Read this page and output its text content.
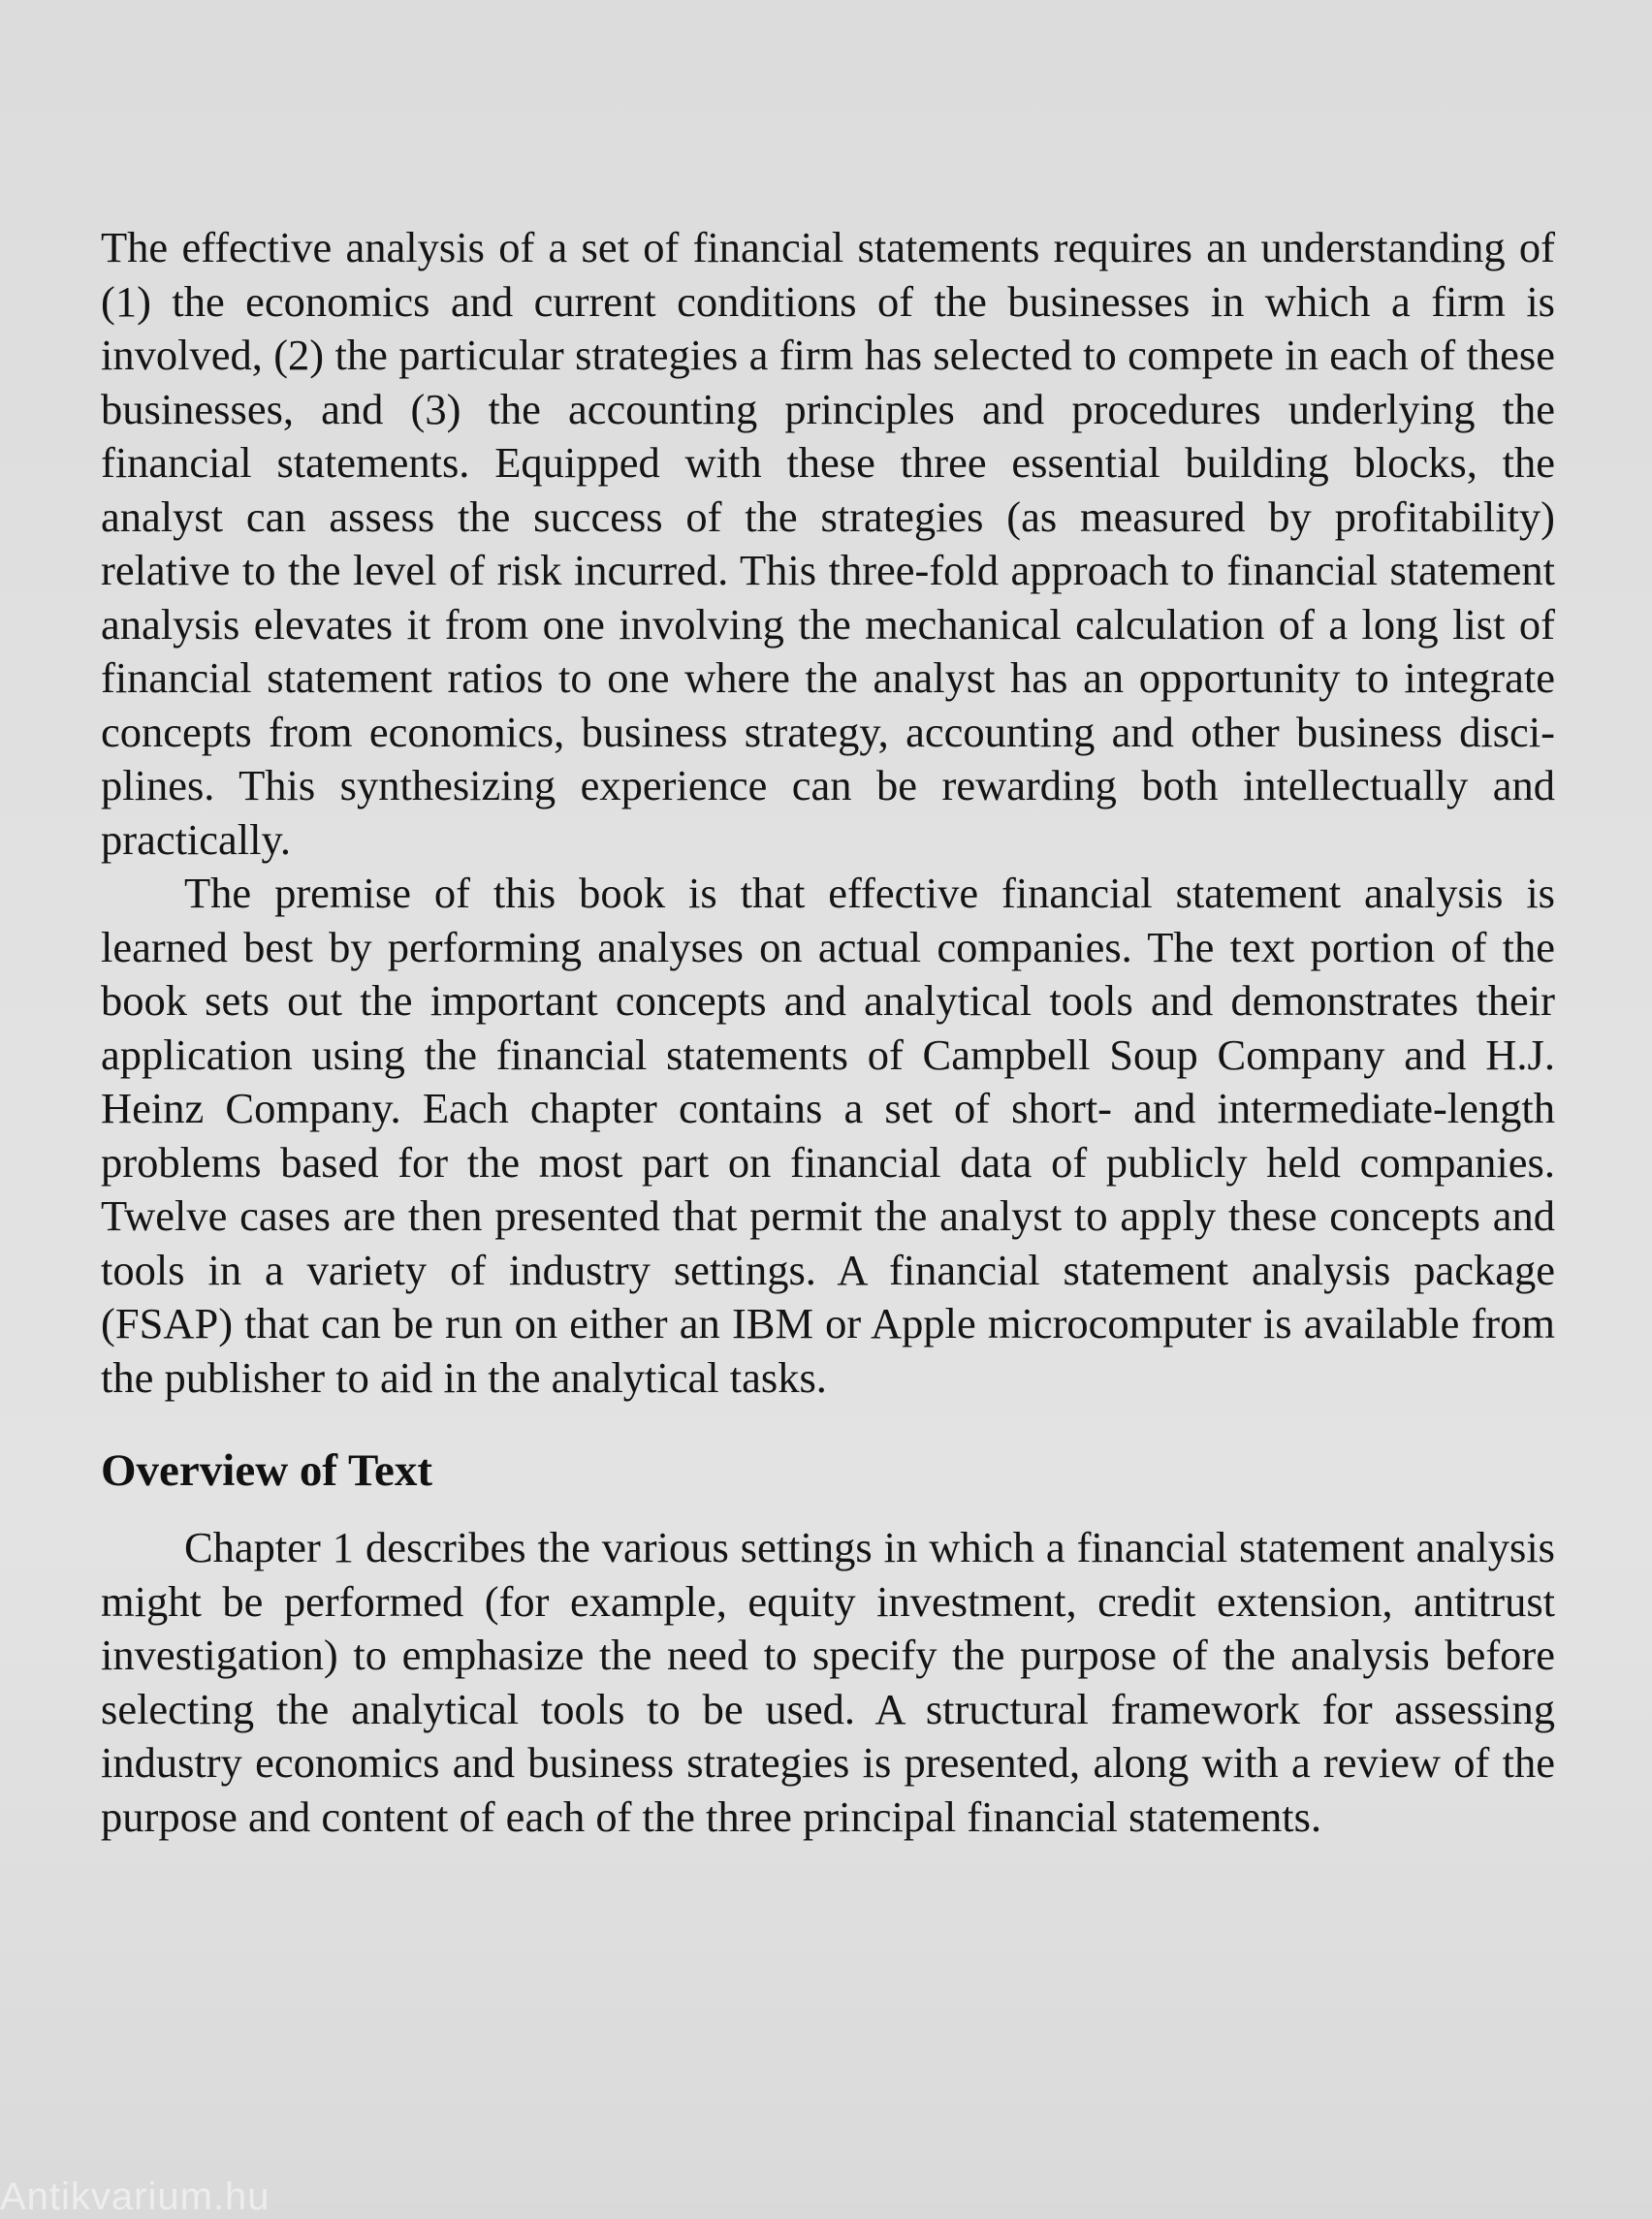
The effective analysis of a set of financial statements requires an understanding of (1) the economics and current conditions of the businesses in which a firm is involved, (2) the particular strategies a firm has selected to compete in each of these businesses, and (3) the accounting principles and procedures underlying the financial statements. Equipped with these three essential building blocks, the analyst can assess the success of the strategies (as measured by profitability) relative to the level of risk incurred. This three-fold approach to financial statement analysis elevates it from one involving the mechanical calculation of a long list of financial statement ratios to one where the analyst has an opportunity to integrate concepts from economics, business strategy, accounting and other business disciplines. This synthesizing experience can be rewarding both intellectually and practically.

The premise of this book is that effective financial statement analysis is learned best by performing analyses on actual companies. The text portion of the book sets out the important concepts and analytical tools and demonstrates their application using the financial statements of Campbell Soup Company and H.J. Heinz Company. Each chapter contains a set of short- and intermediate-length problems based for the most part on financial data of publicly held companies. Twelve cases are then presented that permit the analyst to apply these concepts and tools in a variety of industry settings. A financial statement analysis package (FSAP) that can be run on either an IBM or Apple microcomputer is available from the publisher to aid in the analytical tasks.

Overview of Text

Chapter 1 describes the various settings in which a financial statement analysis might be performed (for example, equity investment, credit extension, antitrust investigation) to emphasize the need to specify the purpose of the analysis before selecting the analytical tools to be used. A structural framework for assessing industry economics and business strategies is presented, along with a review of the purpose and content of each of the three principal financial statements.

Antikvarium.hu
